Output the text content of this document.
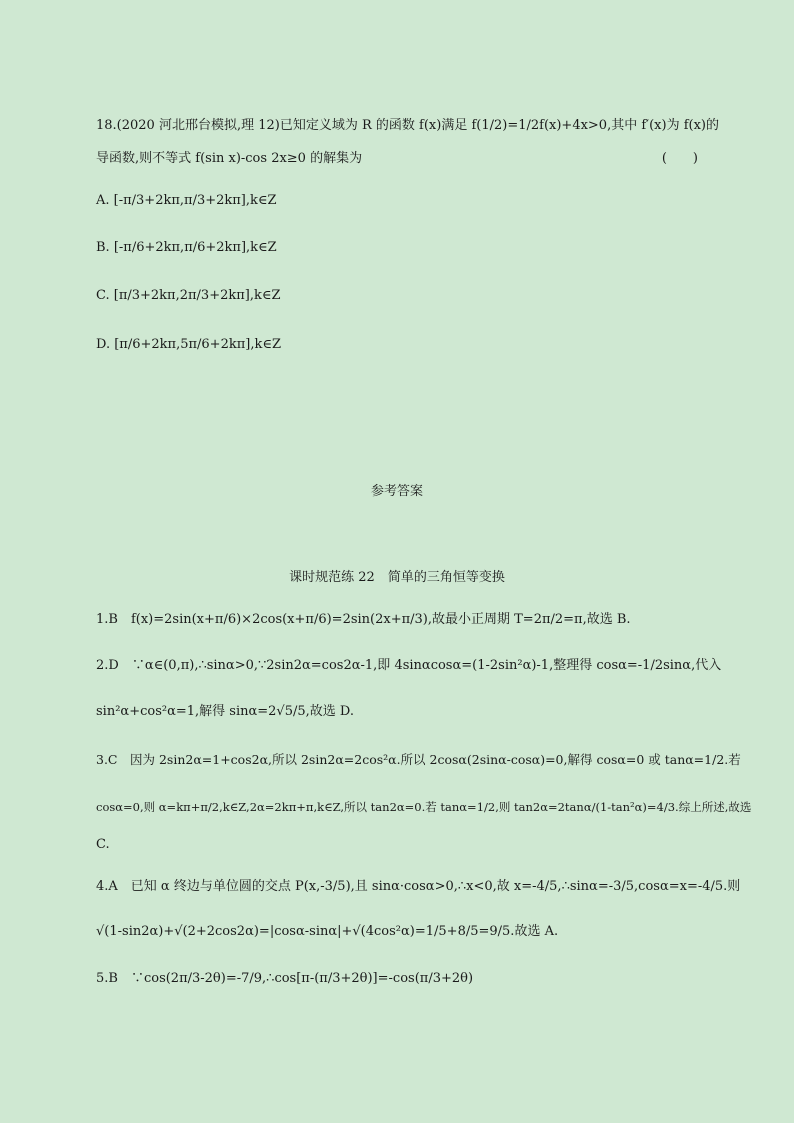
18.(2020 河北邢台模拟,理 12)已知定义域为 R 的函数 f(x)满足 f(1/2)=1/2f(x)+4x>0,其中 f′(x)为 f(x)的
导函数,则不等式 f(sin x)-cos 2x≥0 的解集为	(　　)
A. [-π/3+2kπ,π/3+2kπ],k∈Z
B. [-π/6+2kπ,π/6+2kπ],k∈Z
C. [π/3+2kπ,2π/3+2kπ],k∈Z
D. [π/6+2kπ,5π/6+2kπ],k∈Z
参考答案
课时规范练 22　简单的三角恒等变换
1.B　f(x)=2sin(x+π/6)×2cos(x+π/6)=2sin(2x+π/3),故最小正周期 T=2π/2=π,故选 B.
2.D　∵α∈(0,π),∴sinα>0,∵2sin2α=cos2α-1,即 4sinαcosα=(1-2sin²α)-1,整理得 cosα=-1/2sinα,代入
sin²α+cos²α=1,解得 sinα=2√5/5,故选 D.
3.C　因为 2sin2α=1+cos2α,所以 2sin2α=2cos²α.所以 2cosα(2sinα-cosα)=0,解得 cosα=0 或 tanα=1/2.若
cosα=0,则 α=kπ+π/2,k∈Z,2α=2kπ+π,k∈Z,所以 tan2α=0.若 tanα=1/2,则 tan2α=2tanα/(1-tan²α)=4/3.综上所述,故选
C.
4.A　已知 α 终边与单位圆的交点 P(x,-3/5),且 sinα·cosα>0,∴x<0,故 x=-4/5,∴sinα=-3/5,cosα=x=-4/5.则
√(1-sin2α)+√(2+2cos2α)=|cosα-sinα|+√(4cos²α)=1/5+8/5=9/5.故选 A.
5.B　∵cos(2π/3-2θ)=-7/9,∴cos[π-(π/3+2θ)]=-cos(π/3+2θ)
